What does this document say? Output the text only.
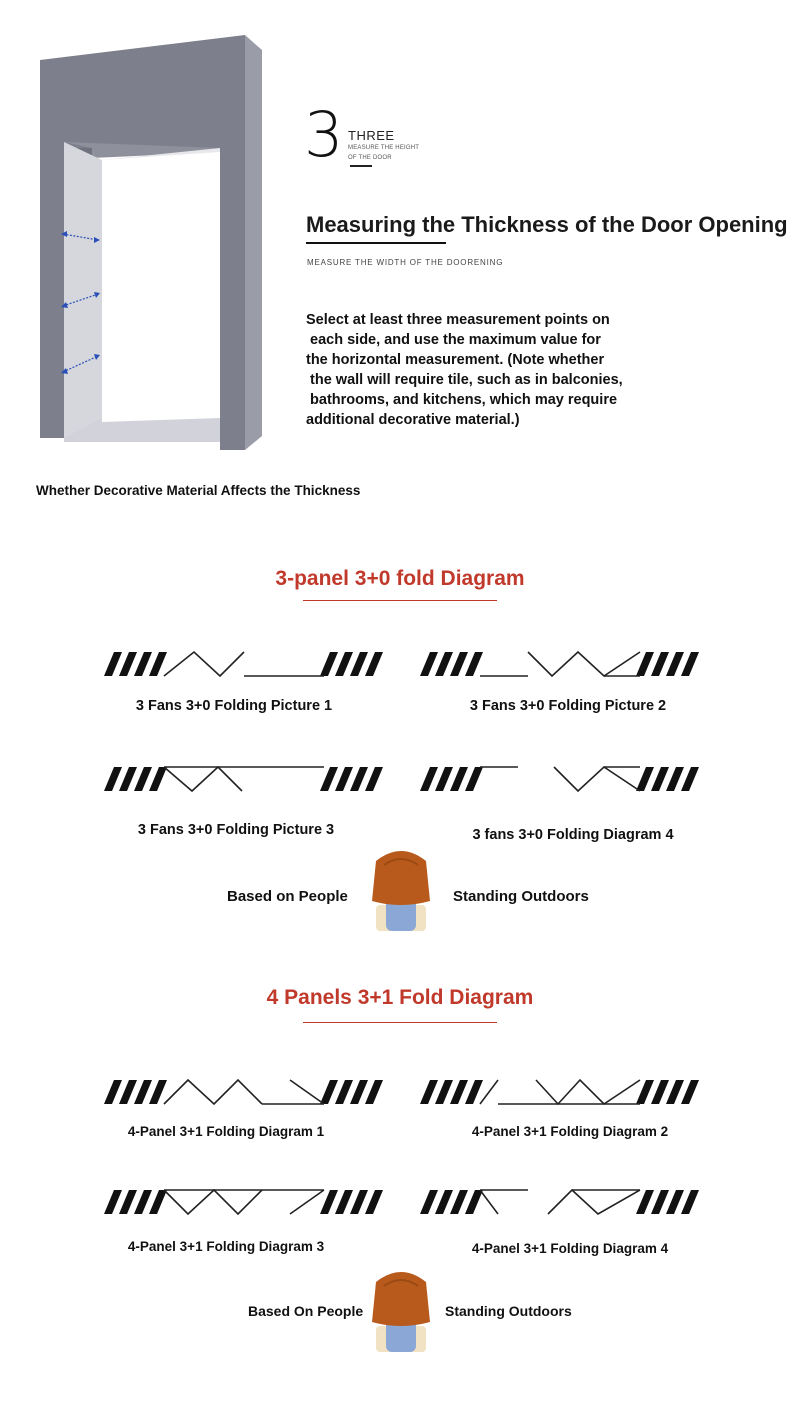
3 THREE
MEASURE THE HEIGHT
OF THE DOOR
Measuring the Thickness of the Door Opening
MEASURE THE WIDTH OF THE DOORENING
Select at least three measurement points on
each side, and use the maximum value for
the horizontal measurement. (Note whether
the wall will require tile, such as in balconies,
bathrooms, and kitchens, which may require
additional decorative material.)
Whether Decorative Material Affects the Thickness
3-panel 3+0 fold Diagram
3 Fans 3+0 Folding Picture 1	3 Fans 3+0 Folding Picture 2
3 Fans 3+0 Folding Picture 3	3 fans 3+0 Folding Diagram 4
Based on People	Standing Outdoors
4 Panels 3+1 Fold Diagram
4-Panel 3+1 Folding Diagram 1	4-Panel 3+1 Folding Diagram 2
4-Panel 3+1 Folding Diagram 3	4-Panel 3+1 Folding Diagram 4
Based On People	Standing Outdoors
